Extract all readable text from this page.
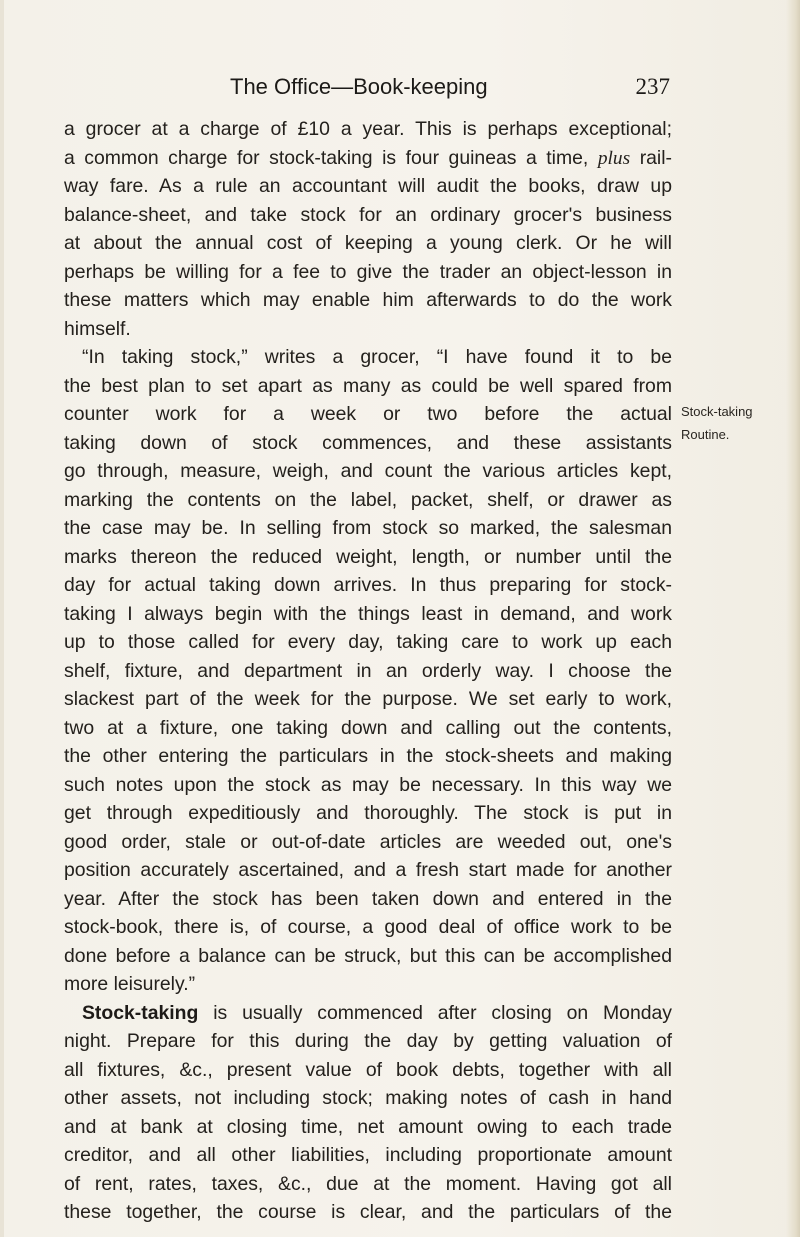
The Office—Book-keeping	237
a grocer at a charge of £10 a year. This is perhaps exceptional;
a common charge for stock-taking is four guineas a time, plus rail-
way fare. As a rule an accountant will audit the books, draw up
balance-sheet, and take stock for an ordinary grocer's business
at about the annual cost of keeping a young clerk. Or he will
perhaps be willing for a fee to give the trader an object-lesson in
these matters which may enable him afterwards to do the work
himself.
“In taking stock,” writes a grocer, “I have found it to be
the best plan to set apart as many as could be well spared from
counter work for a week or two before the actual
taking down of stock commences, and these assistants
go through, measure, weigh, and count the various articles kept,
marking the contents on the label, packet, shelf, or drawer as
the case may be. In selling from stock so marked, the salesman
marks thereon the reduced weight, length, or number until the
day for actual taking down arrives. In thus preparing for stock-
taking I always begin with the things least in demand, and work
up to those called for every day, taking care to work up each
shelf, fixture, and department in an orderly way. I choose the
slackest part of the week for the purpose. We set early to work,
two at a fixture, one taking down and calling out the contents,
the other entering the particulars in the stock-sheets and making
such notes upon the stock as may be necessary. In this way we
get through expeditiously and thoroughly. The stock is put in
good order, stale or out-of-date articles are weeded out, one's
position accurately ascertained, and a fresh start made for another
year. After the stock has been taken down and entered in the
stock-book, there is, of course, a good deal of office work to be
done before a balance can be struck, but this can be accomplished
more leisurely.”
Stock-taking is usually commenced after closing on Monday
night. Prepare for this during the day by getting valuation of
all fixtures, &c., present value of book debts, together with all
other assets, not including stock; making notes of cash in hand
and at bank at closing time, net amount owing to each trade
creditor, and all other liabilities, including proportionate amount
of rent, rates, taxes, &c., due at the moment. Having got all
these together, the course is clear, and the particulars of the
Stock-taking
Routine.
